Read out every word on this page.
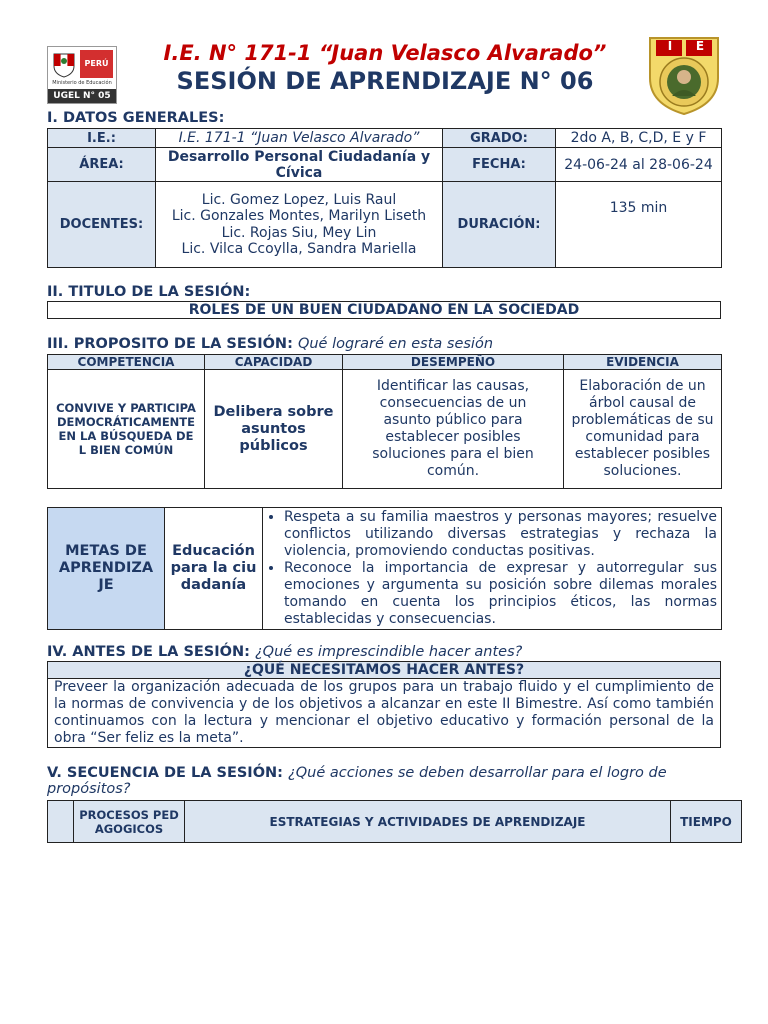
PERÚ
Ministerio de Educación
UGEL N° 05
I.E. N° 171-1 “Juan Velasco Alvarado”
SESIÓN DE APRENDIZAJE N° 06
I	E
I. DATOS GENERALES:
I.E.:	I.E. 171-1 “Juan Velasco Alvarado”	GRADO:	2do A, B, C,D, E y F
ÁREA:	Desarrollo Personal Ciudadanía y Cívica	FECHA:	24-06-24 al 28-06-24
DOCENTES:	Lic. Gomez Lopez, Luis Raul
Lic. Gonzales Montes, Marilyn Liseth
Lic. Rojas Siu, Mey Lin
Lic. Vilca Ccoylla, Sandra Mariella	DURACIÓN:	135 min
II. TITULO DE LA SESIÓN:
ROLES DE UN BUEN CIUDADANO EN LA SOCIEDAD
III. PROPOSITO DE LA SESIÓN: Qué lograré en esta sesión
COMPETENCIA	CAPACIDAD	DESEMPEÑO	EVIDENCIA
CONVIVE Y PARTICIPA DEMOCRÁTICAMENTE EN LA BÚSQUEDA DEL BIEN COMÚN	Delibera sobre asuntos públicos	Identificar las causas, consecuencias de un asunto público para establecer posibles soluciones para el bien común.	Elaboración de un árbol causal de problemáticas de su comunidad para establecer posibles soluciones.
METAS DE APRENDIZAJE	Educación para la ciudadanía	
• Respeta a su familia maestros y personas mayores; resuelve conflictos utilizando diversas estrategias y rechaza la violencia, promoviendo conductas positivas.
• Reconoce la importancia de expresar y autorregular sus emociones y argumenta su posición sobre dilemas morales tomando en cuenta los principios éticos, las normas establecidas y consecuencias.
IV. ANTES DE LA SESIÓN: ¿Qué es imprescindible hacer antes?
¿QUÉ NECESITAMOS HACER ANTES?
Preveer la organización adecuada de los grupos para un trabajo fluido y el cumplimiento de la normas de convivencia y de los objetivos a alcanzar en este II Bimestre. Así como también continuamos con la lectura y mencionar el objetivo educativo y formación personal de la obra “Ser feliz es la meta”.
V. SECUENCIA DE LA SESIÓN: ¿Qué acciones se deben desarrollar para el logro de propósitos?
	PROCESOS PEDAGOGICOS	ESTRATEGIAS Y ACTIVIDADES DE APRENDIZAJE	TIEMPO
